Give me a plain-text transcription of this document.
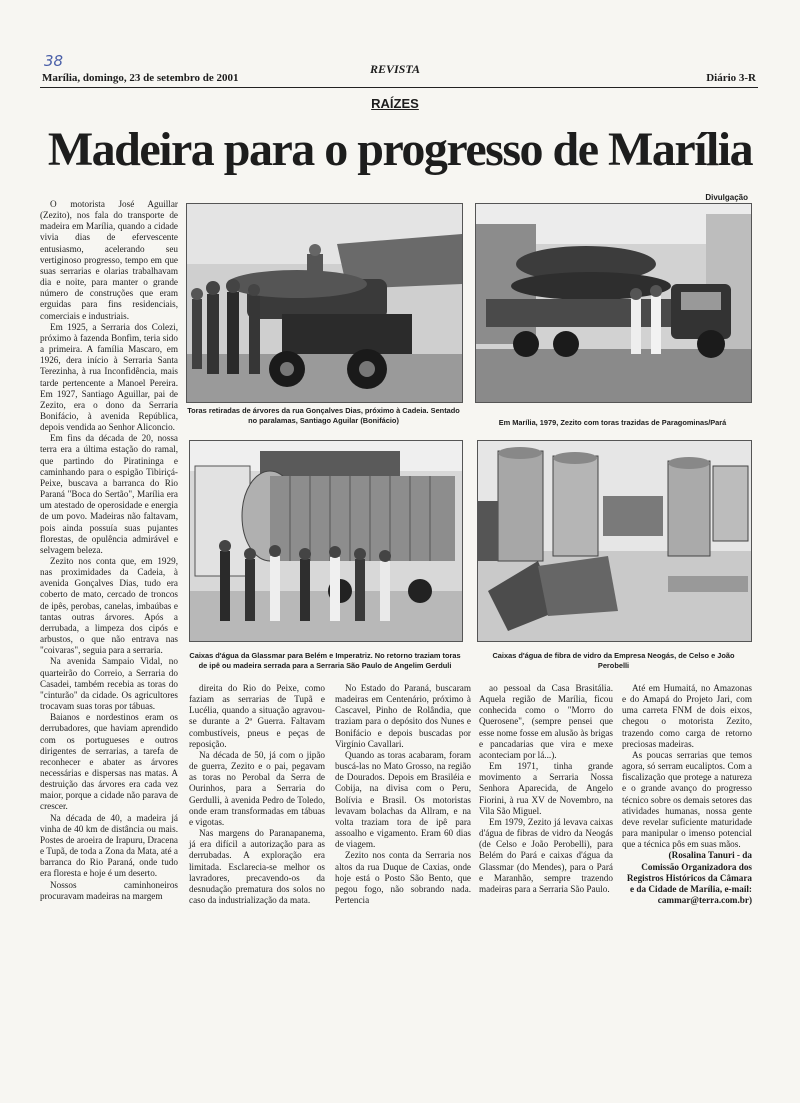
38
Marília, domingo, 23 de setembro de 2001
REVISTA
Diário 3-R
RAÍZES
Madeira para o progresso de Marília
Divulgação
Toras retiradas de árvores da rua Gonçalves Dias, próximo à Cadeia. Sentado no paralamas, Santiago Aguilar (Bonifácio)	Em Marília, 1979, Zezito com toras trazidas de Paragominas/Pará
Caixas d'água da Glassmar para Belém e Imperatriz. No retorno traziam toras de ipê ou madeira serrada para a Serraria São Paulo de Angelim Gerduli
Caixas d'água de fibra de vidro da Empresa Neogás, de Celso e João Perobelli

O motorista José Aguillar (Zezito), nos fala do transporte de madeira em Marília, quando a cidade vivia dias de efervescente entusiasmo, acelerando seu vertiginoso progresso, tempo em que suas serrarias e olarias trabalhavam dia e noite, para manter o grande número de construções que eram erguidas para fins residenciais, comerciais e industriais.

Em 1925, a Serraria dos Colezi, próximo à fazenda Bonfim, teria sido a primeira. A família Mascaro, em 1926, dera início à Serraria Santa Terezinha, à rua Inconfidência, mais tarde pertencente a Manoel Pereira. Em 1927, Santiago Aguillar, pai de Zezito, era o dono da Serraria Bonifácio, à avenida República, depois vendida ao Senhor Aliconcio.

Em fins da década de 20, nossa terra era a última estação do ramal, que partindo do Piratininga e caminhando para o espigão Tibiriçá-Peixe, buscava a barranca do Rio Paraná "Boca do Sertão", Marília era um atestado de operosidade e energia de um povo. Madeiras não faltavam, pois ainda possuía suas pujantes florestas, de opulência admirável e selvagem beleza.

Zezito nos conta que, em 1929, nas proximidades da Cadeia, à avenida Gonçalves Dias, tudo era coberto de mato, cercado de troncos de ipês, perobas, canelas, imbaúbas e tantas outras árvores. Após a derrubada, a limpeza dos cipós e arbustos, o que não entrava nas "coivaras", seguia para a serraria.

Na avenida Sampaio Vidal, no quarteirão do Correio, a Serraria do Casadei, também recebia as toras do "cinturão" da cidade. Os agricultores trocavam suas toras por tábuas.

Baianos e nordestinos eram os derrubadores, que haviam aprendido com os portugueses e outros dirigentes de serrarias, a tarefa de reconhecer e abater as árvores necessárias e dispersas nas matas. A destruição das árvores era cada vez maior, porque a cidade não parava de crescer.

Na década de 40, a madeira já vinha de 40 km de distância ou mais. Postes de aroeira de Irapuru, Dracena e Tupã, de toda a Zona da Mata, até a barranca do Rio Paraná, onde tudo era floresta e hoje é um deserto.

Nossos caminhoneiros procuravam madeiras na margem

direita do Rio do Peixe, como faziam as serrarias de Tupã e Lucélia, quando a situação agravou-se durante a 2ª Guerra. Faltavam combustíveis, pneus e peças de reposição.

Na década de 50, já com o jipão de guerra, Zezito e o pai, pegavam as toras no Perobal da Serra de Ourinhos, para a Serraria do Gerdulli, à avenida Pedro de Toledo, onde eram transformadas em tábuas e vigotas.

Nas margens do Paranapanema, já era difícil a autorização para as derrubadas. A exploração era limitada. Esclarecia-se melhor os lavradores, precavendo-os da desnudação prematura dos solos no caso da industrialização da mata.

No Estado do Paraná, buscaram madeiras em Centenário, próximo à Cascavel, Pinho de Rolândia, que traziam para o depósito dos Nunes e Bonifácio e depois buscadas por Virgínio Cavallari.

Quando as toras acabaram, foram buscá-las no Mato Grosso, na região de Dourados. Depois em Brasiléia e Cobija, na divisa com o Peru, Bolívia e Brasil. Os motoristas levavam bolachas da Allram, e na volta traziam tora de ipê para assoalho e vigamento. Eram 60 dias de viagem.

Zezito nos conta da Serraria nos altos da rua Duque de Caxias, onde hoje está o Posto São Bento, que pegou fogo, não sobrando nada. Pertencia

ao pessoal da Casa Brasitália. Aquela região de Marília, ficou conhecida como o "Morro do Querosene", (sempre pensei que esse nome fosse em alusão às brigas e pancadarias que vira e mexe aconteciam por lá...).

Em 1971, tinha grande movimento a Serraria Nossa Senhora Aparecida, de Angelo Fiorini, à rua XV de Novembro, na Vila São Miguel.

Em 1979, Zezito já levava caixas d'água de fibras de vidro da Neogás (de Celso e João Perobelli), para Belém do Pará e caixas d'água da Glassmar (do Mendes), para o Pará e Maranhão, sempre trazendo madeiras para a Serraria São Paulo.

Até em Humaitá, no Amazonas e do Amapá do Projeto Jari, com uma carreta FNM de dois eixos, chegou o motorista Zezito, trazendo como carga de retorno preciosas madeiras.

As poucas serrarias que temos agora, só serram eucaliptos. Com a fiscalização que protege a natureza e o grande avanço do progresso técnico sobre os demais setores das atividades humanas, nossa gente deve revelar suficiente maturidade para manipular o imenso potencial que a técnica pôs em suas mãos.

(Rosalina Tanuri - da Comissão Organizadora dos Registros Históricos da Câmara e da Cidade de Marília, e-mail: cammar@terra.com.br)
